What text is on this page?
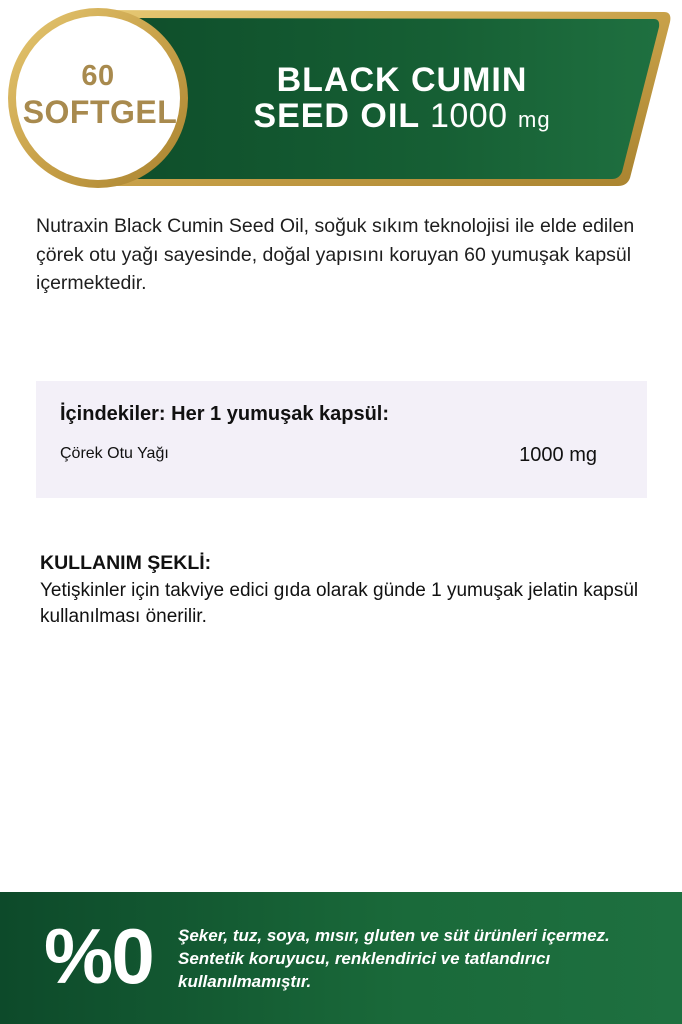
60
SOFTGEL
BLACK CUMIN
SEED OIL 1000 mg
Nutraxin Black Cumin Seed Oil, soğuk sıkım teknolojisi ile elde edilen çörek otu yağı sayesinde, doğal yapısını koruyan 60 yumuşak kapsül içermektedir.
İçindekiler: Her 1 yumuşak kapsül:
Çörek Otu Yağı	1000 mg
KULLANIM ŞEKLİ:
Yetişkinler için takviye edici gıda olarak günde 1 yumuşak jelatin kapsül kullanılması önerilir.
%0 Şeker, tuz, soya, mısır, gluten ve süt ürünleri içermez. Sentetik koruyucu, renklendirici ve tatlandırıcı kullanılmamıştır.
